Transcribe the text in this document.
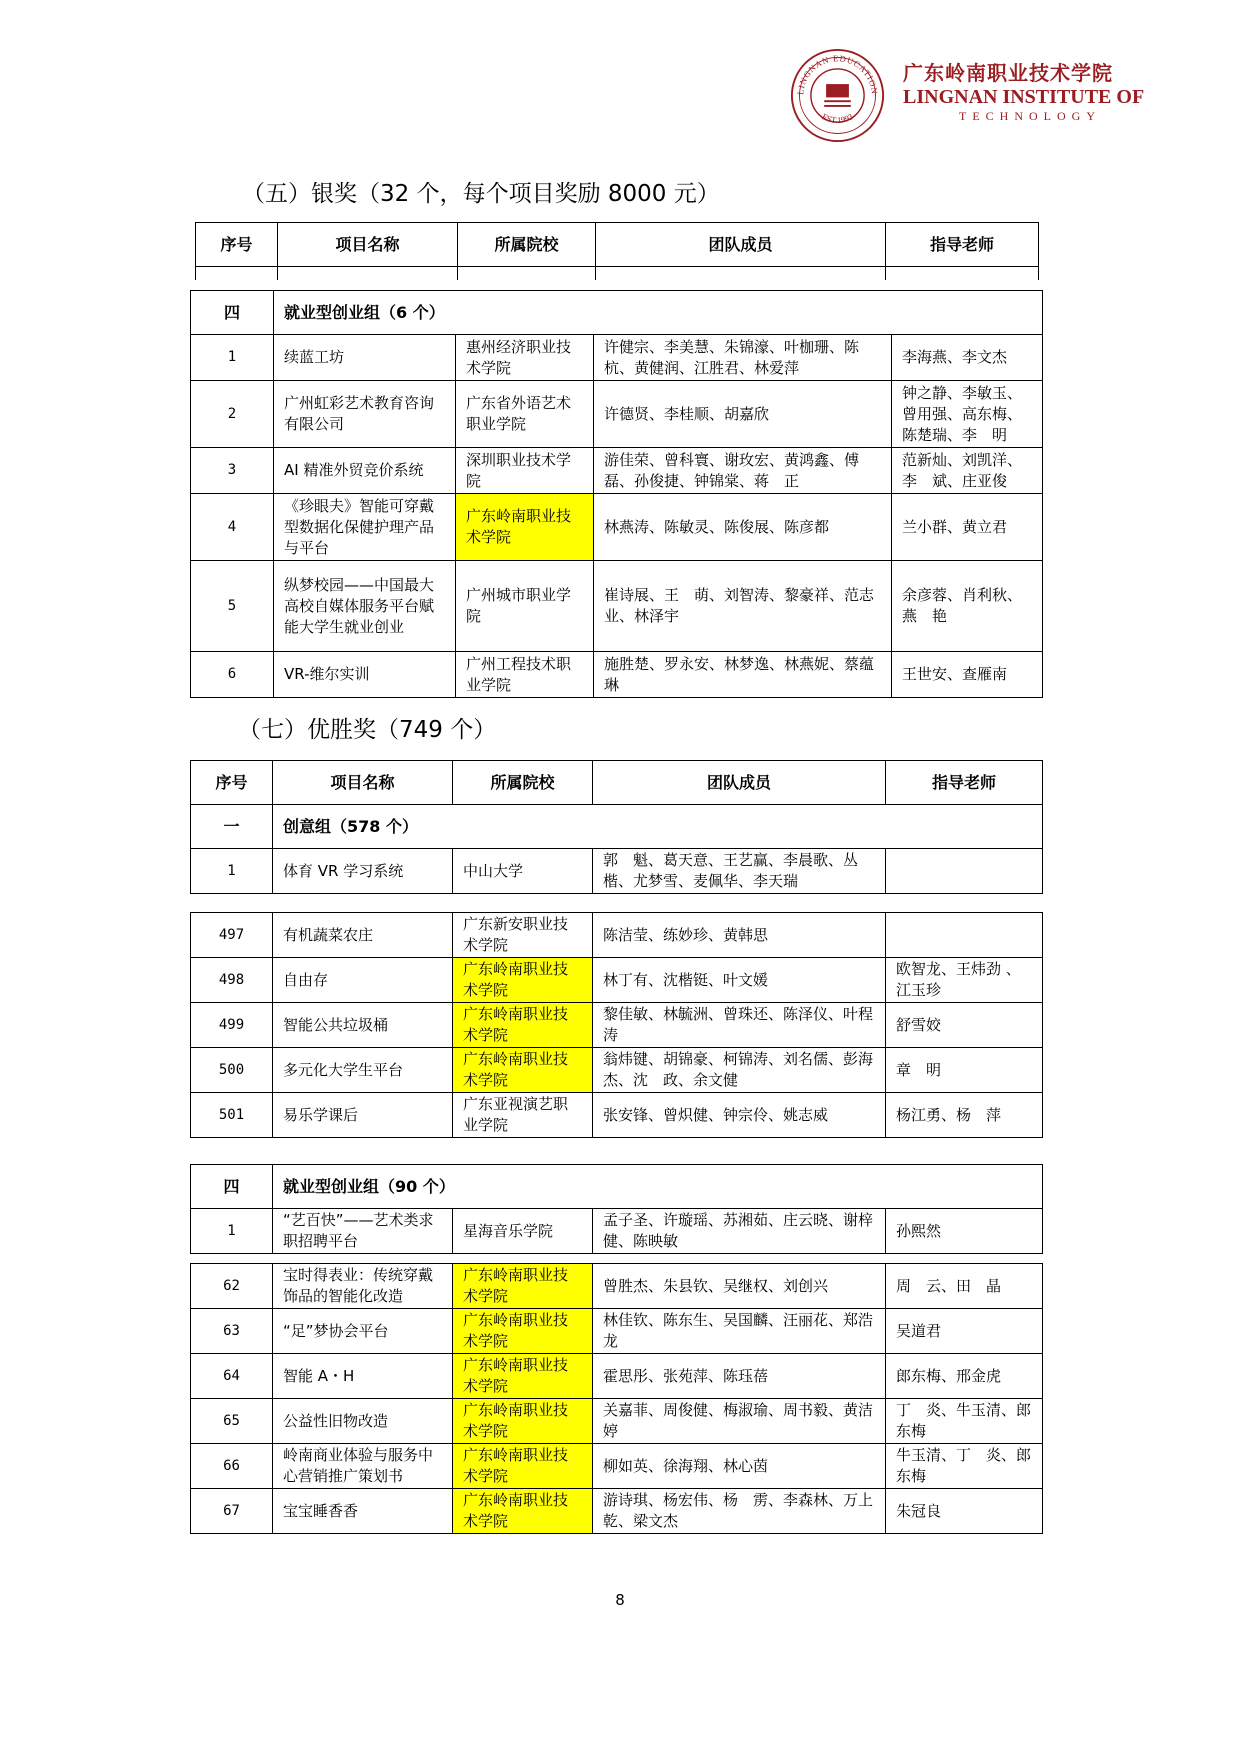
LINGNAN EDUCATION
EST.1993
广东岭南职业技术学院
LINGNAN INSTITUTE OF
TECHNOLOGY
（五）银奖（32 个，每个项目奖励 8000 元）
序号	项目名称	所属院校	团队成员	指导老师
四	就业型创业组（6 个）			
1	续蓝工坊	惠州经济职业技术学院	许健宗、李美慧、朱锦濠、叶枷珊、陈　杭、黄健润、江胜君、林爱萍	李海燕、李文杰
2	广州虹彩艺术教育咨询有限公司	广东省外语艺术职业学院	许德贤、李桂顺、胡嘉欣	钟之静、李敏玉、曾用强、高东梅、陈楚瑞、李　明
3	AI 精准外贸竞价系统	深圳职业技术学院	游佳荣、曾科寰、谢玫宏、黄鸿鑫、傅　磊、孙俊捷、钟锦棠、蒋　正	范新灿、刘凯洋、李　斌、庄亚俊
4	《珍眼夫》智能可穿戴型数据化保健护理产品与平台	广东岭南职业技术学院	林燕涛、陈敏灵、陈俊展、陈彦都	兰小群、黄立君
5	纵梦校园——中国最大高校自媒体服务平台赋能大学生就业创业	广州城市职业学院	崔诗展、王　萌、刘智涛、黎豪祥、范志业、林泽宇	余彦蓉、肖利秋、燕　艳
6	VR-维尔实训	广州工程技术职业学院	施胜楚、罗永安、林梦逸、林燕妮、蔡蕴琳	王世安、查雁南
（七）优胜奖（749 个）
序号	项目名称	所属院校	团队成员	指导老师
一	创意组（578 个）			
1	体育 VR 学习系统	中山大学	郭　魁、葛天意、王艺赢、李晨歌、丛　楷、尤梦雪、麦佩华、李天瑞	
497	有机蔬菜农庄	广东新安职业技术学院	陈洁莹、练妙珍、黄韩思	
498	自由存	广东岭南职业技术学院	林丁有、沈楷铤、叶文媛	欧智龙、王炜劲 、江玉珍
499	智能公共垃圾桶	广东岭南职业技术学院	黎佳敏、林毓洲、曾珠还、陈泽仪、叶程涛	舒雪姣
500	多元化大学生平台	广东岭南职业技术学院	翁炜键、胡锦豪、柯锦涛、刘名儒、彭海杰、沈　政、余文健	章　明
501	易乐学课后	广东亚视演艺职业学院	张安锋、曾炽健、钟宗伶、姚志威	杨江勇、杨　萍
四	就业型创业组（90 个）			
1	“艺百快”——艺术类求职招聘平台	星海音乐学院	孟子圣、许璇瑶、苏湘茹、庄云晓、谢梓健、陈映敏	孙熙然
62	宝时得表业：传统穿戴饰品的智能化改造	广东岭南职业技术学院	曾胜杰、朱县钦、吴继权、刘创兴	周　云、田　晶
63	“足”梦协会平台	广东岭南职业技术学院	林佳钦、陈东生、吴国麟、汪丽花、郑浩龙	吴道君
64	智能 A・H	广东岭南职业技术学院	霍思彤、张苑萍、陈珏蓓	郎东梅、邢金虎
65	公益性旧物改造	广东岭南职业技术学院	关嘉菲、周俊健、梅淑瑜、周书毅、黄洁婷	丁　炎、牛玉清、郎东梅
66	岭南商业体验与服务中心营销推广策划书	广东岭南职业技术学院	柳如英、徐海翔、林心茵	牛玉清、丁　炎、郎东梅
67	宝宝睡香香	广东岭南职业技术学院	游诗琪、杨宏伟、杨　雳、李森林、万上乾、梁文杰	朱冠良
8
